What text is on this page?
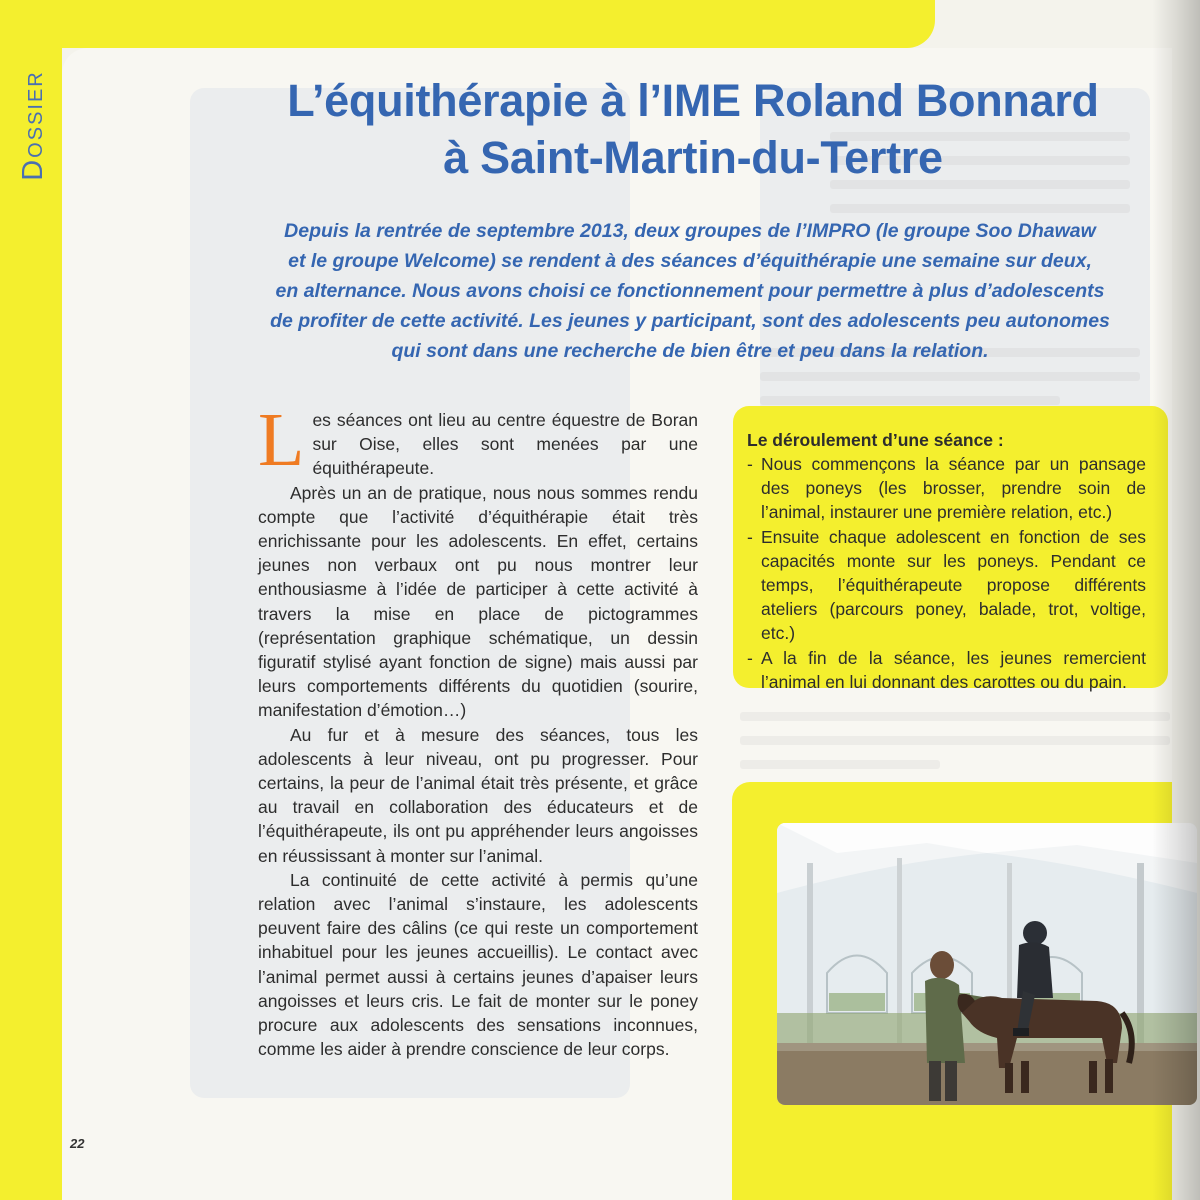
Dossier	L’équithérapie à l’IME Roland Bonnard
à Saint-Martin-du-Tertre

Depuis la rentrée de septembre 2013, deux groupes de l’IMPRO (le groupe Soo Dhawaw
et le groupe Welcome) se rendent à des séances d’équithérapie une semaine sur deux,
en alternance. Nous avons choisi ce fonctionnement pour permettre à plus d’adolescents
de profiter de cette activité. Les jeunes y participant, sont des adolescents peu autonomes
qui sont dans une recherche de bien être et peu dans la relation.

Les séances ont lieu au centre équestre de Boran sur Oise, elles sont menées par une équithérapeute.

Après un an de pratique, nous nous sommes rendu compte que l’activité d’équithérapie était très enrichissante pour les adolescents. En effet, certains jeunes non verbaux ont pu nous montrer leur enthousiasme à l’idée de participer à cette activité à travers la mise en place de pictogrammes (représentation graphique schématique, un dessin figuratif stylisé ayant fonction de signe) mais aussi par leurs comportements différents du quotidien (sourire, manifestation d’émotion…)

Au fur et à mesure des séances, tous les adolescents à leur niveau, ont pu progresser. Pour certains, la peur de l’animal était très présente, et grâce au travail en collaboration des éducateurs et de l’équithérapeute, ils ont pu appréhender leurs angoisses en réussissant à monter sur l’animal.

La continuité de cette activité à permis qu’une relation avec l’animal s’instaure, les adolescents peuvent faire des câlins (ce qui reste un comportement inhabituel pour les jeunes accueillis). Le contact avec l’animal permet aussi à certains jeunes d’apaiser leurs angoisses et leurs cris. Le fait de monter sur le poney procure aux adolescents des sensations inconnues, comme les aider à prendre conscience de leur corps.

Le déroulement d’une séance :

- Nous commençons la séance par un pansage des poneys (les brosser, prendre soin de l’animal, instaurer une première relation, etc.)
- Ensuite chaque adolescent en fonction de ses capacités monte sur les poneys. Pendant ce temps, l’équithérapeute propose différents ateliers (parcours poney, balade, trot, voltige, etc.)
- A la fin de la séance, les jeunes remercient l’animal en lui donnant des carottes ou du pain.
22
